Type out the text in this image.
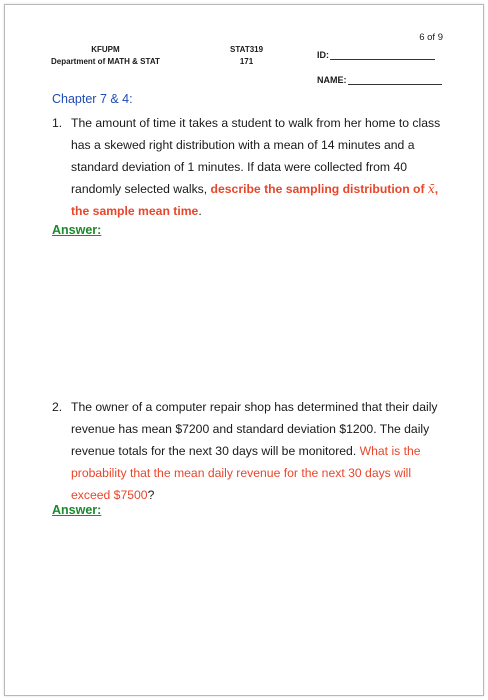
6 of 9
KFUPM
Department of MATH & STAT
STAT319
171
ID:
NAME:
Chapter 7 & 4:
1. The amount of time it takes a student to walk from her home to class has a skewed right distribution with a mean of 14 minutes and a standard deviation of 1 minutes. If data were collected from 40 randomly selected walks, describe the sampling distribution of x̄, the sample mean time.
Answer:
2. The owner of a computer repair shop has determined that their daily revenue has mean $7200 and standard deviation $1200. The daily revenue totals for the next 30 days will be monitored. What is the probability that the mean daily revenue for the next 30 days will exceed $7500?
Answer:
